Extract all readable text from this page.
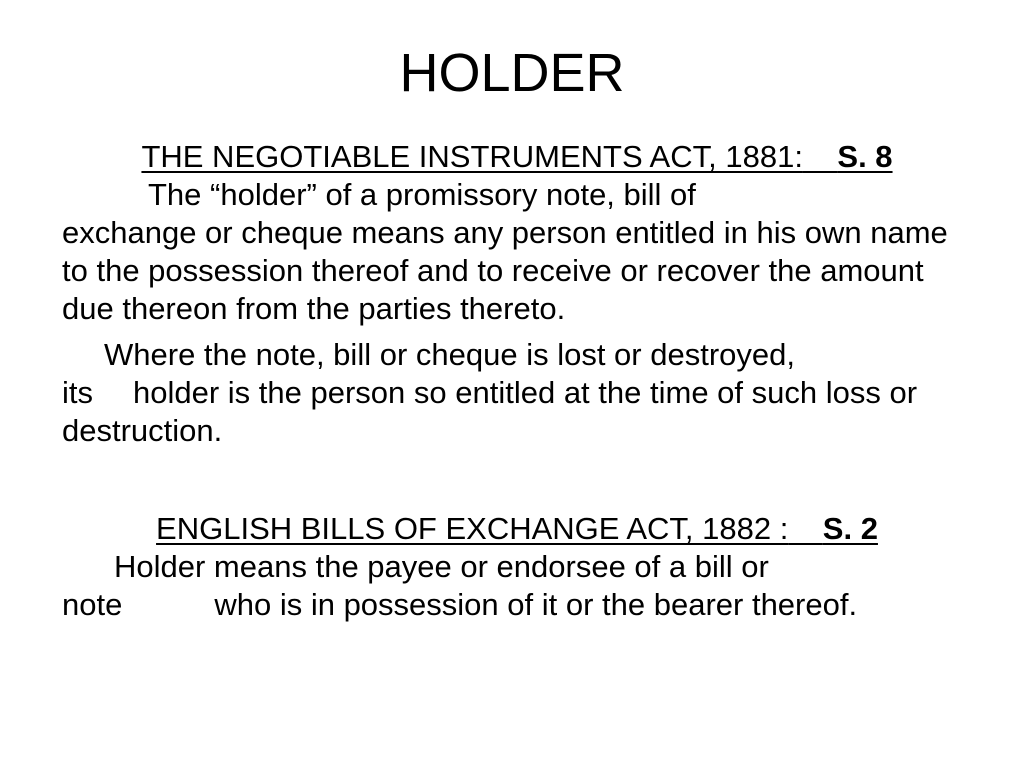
HOLDER

THE NEGOTIABLE INSTRUMENTS ACT, 1881: S. 8

The “holder” of a promissory note, bill of
exchange or cheque means any person entitled in his own name to the possession thereof and to receive or recover the amount due thereon from the parties thereto.

Where the note, bill or cheque is lost or destroyed,
its holder is the person so entitled at the time of such loss or destruction.

ENGLISH BILLS OF EXCHANGE ACT, 1882 : S. 2

Holder means the payee or endorsee of a bill or
note	who is in possession of it or the bearer thereof.
